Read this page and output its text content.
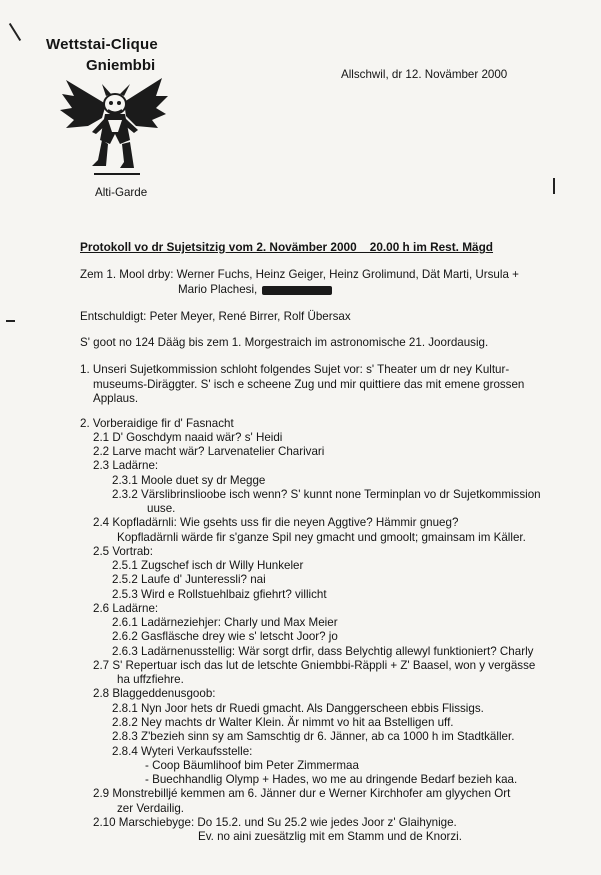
Wettstai-Clique
Gniembbi
Alti-Garde
Allschwil, dr 12. Novämber 2000
Protokoll vo dr Sujetsitzig vom 2. Novämber 2000    20.00 h im Rest. Mägd
Zem 1. Mool drby: Werner Fuchs, Heinz Geiger, Heinz Grolimund, Dät Marti, Ursula +
Mario Plachesi,
Entschuldigt: Peter Meyer, René Birrer, Rolf Übersax
S' goot no 124 Dääg bis zem 1. Morgestraich im astronomische 21. Joordausig.
1. Unseri Sujetkommission schloht folgendes Sujet vor: s' Theater um dr ney Kultur-
museums-Diräggter. S' isch e scheene Zug und mir quittiere das mit emene grossen
Applaus.
2. Vorberaidige fir d' Fasnacht
2.1 D' Goschdym naaid wär? s' Heidi
2.2 Larve macht wär? Larvenatelier Charivari
2.3 Ladärne:
2.3.1 Moole duet sy dr Megge
2.3.2 Värslibrinslioobe isch wenn? S' kunnt none Terminplan vo dr Sujetkommission
uuse.
2.4 Kopfladärnli: Wie gsehts uss fir die neyen Aggtive? Hämmir gnueg?
Kopfladärnli wärde fir s'ganze Spil ney gmacht und gmoolt; gmainsam im Käller.
2.5 Vortrab:
2.5.1 Zugschef isch dr Willy Hunkeler
2.5.2 Laufe d' Junteressli? nai
2.5.3 Wird e Rollstuehlbaiz gfiehrt? villicht
2.6 Ladärne:
2.6.1 Ladärneziehjer: Charly und Max Meier
2.6.2 Gasfläsche drey wie s' letscht Joor? jo
2.6.3 Ladärnenusstellig: Wär sorgt drfir, dass Belychtig allewyl funktioniert? Charly
2.7 S' Repertuar isch das lut de letschte Gniembbi-Räppli + Z' Baasel, won y vergässe
ha uffzfiehre.
2.8 Blaggeddenusgoob:
2.8.1 Nyn Joor hets dr Ruedi gmacht. Als Danggerscheen ebbis Flissigs.
2.8.2 Ney machts dr Walter Klein. Är nimmt vo hit aa Bstelligen uff.
2.8.3 Z'bezieh sinn sy am Samschtig dr 6. Jänner, ab ca 1000 h im Stadtkäller.
2.8.4 Wyteri Verkaufsstelle:
- Coop Bäumlihoof bim Peter Zimmermaa
- Buechhandlig Olymp + Hades, wo me au dringende Bedarf bezieh kaa.
2.9 Monstrebilljé kemmen am 6. Jänner dur e Werner Kirchhofer am glyychen Ort
zer Verdailig.
2.10 Marschiebyge: Do 15.2. und Su 25.2 wie jedes Joor z' Glaihynige.
Ev. no aini zuesätzlig mit em Stamm und de Knorzi.
